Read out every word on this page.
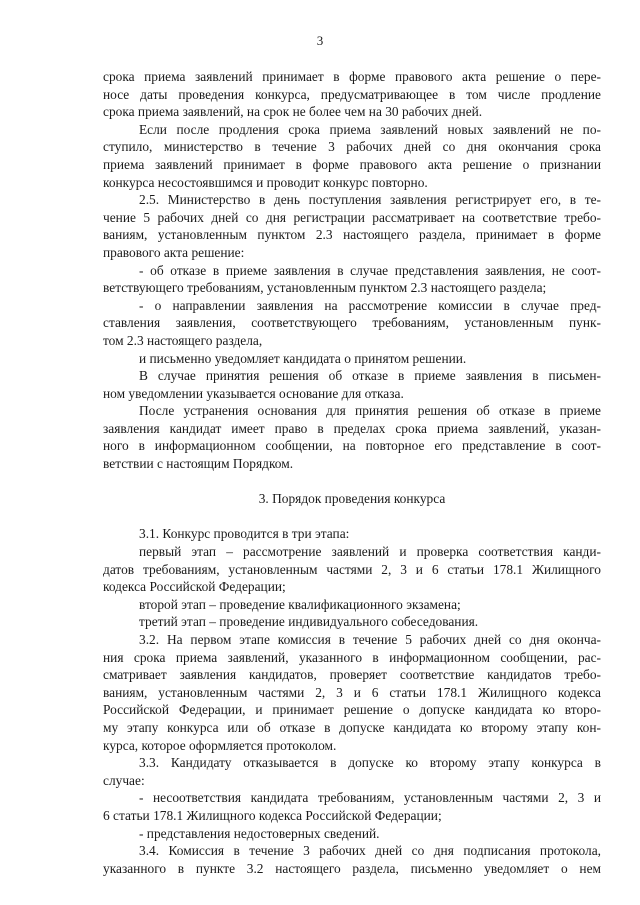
3
срока приема заявлений принимает в форме правового акта решение о пере-
носе даты проведения конкурса, предусматривающее в том числе продление
срока приема заявлений, на срок не более чем на 30 рабочих дней.
Если после продления срока приема заявлений новых заявлений не по-
ступило, министерство в течение 3 рабочих дней со дня окончания срока
приема заявлений принимает в форме правового акта решение о признании
конкурса несостоявшимся и проводит конкурс повторно.
2.5. Министерство в день поступления заявления регистрирует его, в те-
чение 5 рабочих дней со дня регистрации рассматривает на соответствие требо-
ваниям, установленным пунктом 2.3 настоящего раздела, принимает в форме
правового акта решение:
- об отказе в приеме заявления в случае представления заявления, не соот-
ветствующего требованиям, установленным пунктом 2.3 настоящего раздела;
- о направлении заявления на рассмотрение комиссии в случае пред-
ставления заявления, соответствующего требованиям, установленным пунк-
том 2.3 настоящего раздела,
и письменно уведомляет кандидата о принятом решении.
В случае принятия решения об отказе в приеме заявления в письмен-
ном уведомлении указывается основание для отказа.
После устранения основания для принятия решения об отказе в приеме
заявления кандидат имеет право в пределах срока приема заявлений, указан-
ного в информационном сообщении, на повторное его представление в соот-
ветствии с настоящим Порядком.
3. Порядок проведения конкурса
3.1. Конкурс проводится в три этапа:
первый этап – рассмотрение заявлений и проверка соответствия канди-
датов требованиям, установленным частями 2, 3 и 6 статьи 178.1 Жилищного
кодекса Российской Федерации;
второй этап – проведение квалификационного экзамена;
третий этап – проведение индивидуального собеседования.
3.2. На первом этапе комиссия в течение 5 рабочих дней со дня оконча-
ния срока приема заявлений, указанного в информационном сообщении, рас-
сматривает заявления кандидатов, проверяет соответствие кандидатов требо-
ваниям, установленным частями 2, 3 и 6 статьи 178.1 Жилищного кодекса
Российской Федерации, и принимает решение о допуске кандидата ко второ-
му этапу конкурса или об отказе в допуске кандидата ко второму этапу кон-
курса, которое оформляется протоколом.
3.3. Кандидату отказывается в допуске ко второму этапу конкурса в
случае:
- несоответствия кандидата требованиям, установленным частями 2, 3 и
6 статьи 178.1 Жилищного кодекса Российской Федерации;
- представления недостоверных сведений.
3.4. Комиссия в течение 3 рабочих дней со дня подписания протокола,
указанного в пункте 3.2 настоящего раздела, письменно уведомляет о нем
